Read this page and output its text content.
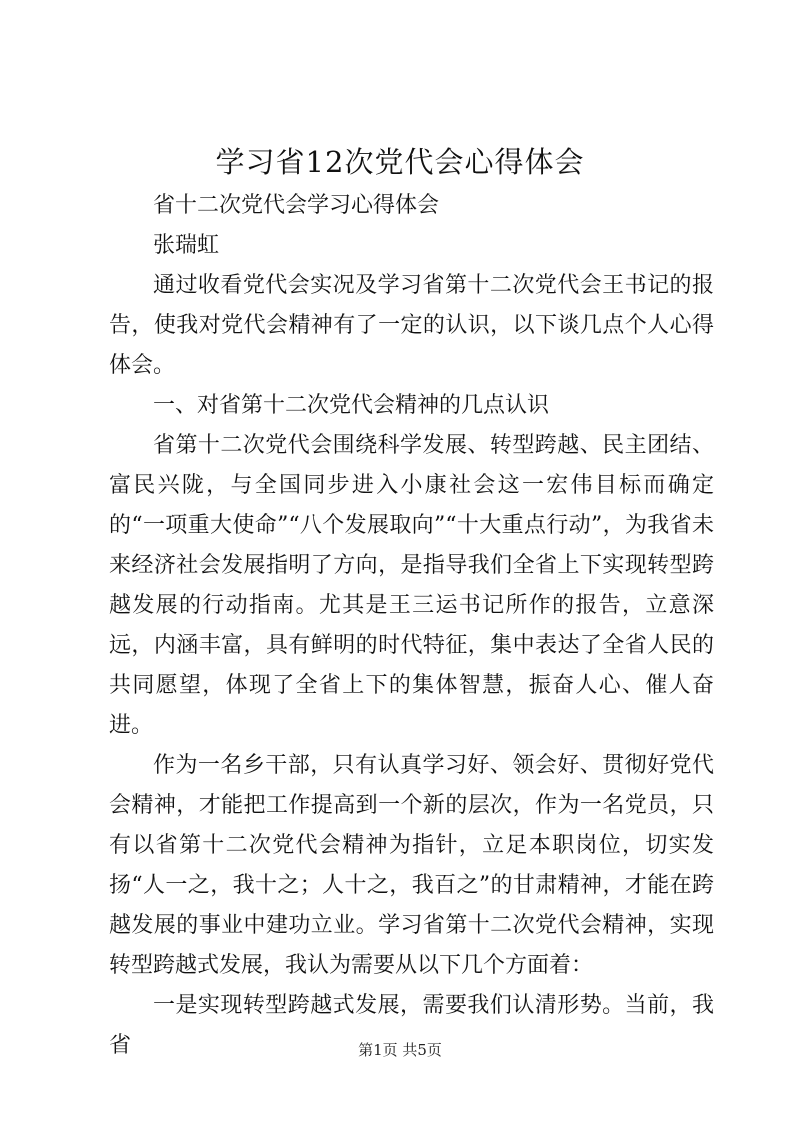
学习省12次党代会心得体会

省十二次党代会学习心得体会

张瑞虹

通过收看党代会实况及学习省第十二次党代会王书记的报告，使我对党代会精神有了一定的认识，以下谈几点个人心得体会。

一、对省第十二次党代会精神的几点认识

省第十二次党代会围绕科学发展、转型跨越、民主团结、富民兴陇，与全国同步进入小康社会这一宏伟目标而确定的“一项重大使命”“八个发展取向”“十大重点行动”，为我省未来经济社会发展指明了方向，是指导我们全省上下实现转型跨越发展的行动指南。尤其是王三运书记所作的报告，立意深远，内涵丰富，具有鲜明的时代特征，集中表达了全省人民的共同愿望，体现了全省上下的集体智慧，振奋人心、催人奋进。

作为一名乡干部，只有认真学习好、领会好、贯彻好党代会精神，才能把工作提高到一个新的层次，作为一名党员，只有以省第十二次党代会精神为指针，立足本职岗位，切实发扬“人一之，我十之；人十之，我百之”的甘肃精神，才能在跨越发展的事业中建功立业。学习省第十二次党代会精神，实现转型跨越式发展，我认为需要从以下几个方面着：

一是实现转型跨越式发展，需要我们认清形势。当前，我省	第1页 共5页
